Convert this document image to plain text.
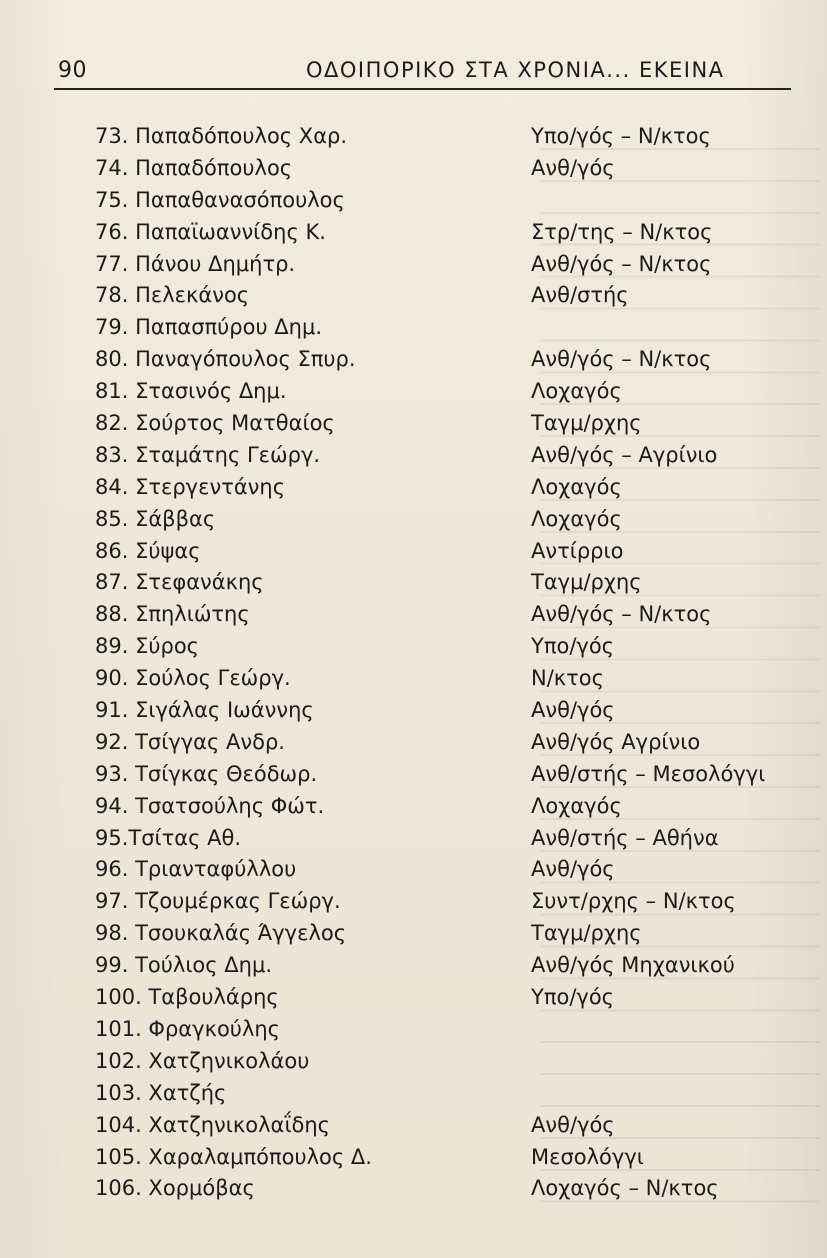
90	ΟΔΟΙΠΟΡΙΚΟ ΣΤΑ ΧΡΟΝΙΑ... ΕΚΕΙΝΑ
73. Παπαδόπουλος Χαρ.	Υπο/γός – Ν/κτος
74. Παπαδόπουλος	Ανθ/γός
75. Παπαθανασόπουλος
76. Παπαϊωαννίδης Κ.	Στρ/της – Ν/κτος
77. Πάνου Δημήτρ.	Ανθ/γός – Ν/κτος
78. Πελεκάνος	Ανθ/στής
79. Παπασπύρου Δημ.
80. Παναγόπουλος Σπυρ.	Ανθ/γός – Ν/κτος
81. Στασινός Δημ.	Λοχαγός
82. Σούρτος Ματθαίος	Ταγμ/ρχης
83. Σταμάτης Γεώργ.	Ανθ/γός – Αγρίνιο
84. Στεργεντάνης	Λοχαγός
85. Σάββας	Λοχαγός
86. Σύψας	Αντίρριο
87. Στεφανάκης	Ταγμ/ρχης
88. Σπηλιώτης	Ανθ/γός – Ν/κτος
89. Σύρος	Υπο/γός
90. Σούλος Γεώργ.	Ν/κτος
91. Σιγάλας Ιωάννης	Ανθ/γός
92. Τσίγγας Ανδρ.	Ανθ/γός Αγρίνιο
93. Τσίγκας Θεόδωρ.	Ανθ/στής – Μεσολόγγι
94. Τσατσούλης Φώτ.	Λοχαγός
95.Τσίτας Αθ.	Ανθ/στής – Αθήνα
96. Τριανταφύλλου	Ανθ/γός
97. Τζουμέρκας Γεώργ.	Συντ/ρχης – Ν/κτος
98. Τσουκαλάς Άγγελος	Ταγμ/ρχης
99. Τούλιος Δημ.	Ανθ/γός Μηχανικού
100. Ταβουλάρης	Υπο/γός
101. Φραγκούλης
102. Χατζηνικολάου
103. Χατζής
104. Χατζηνικολαΐδης	Ανθ/γός
105. Χαραλαμπόπουλος Δ.	Μεσολόγγι
106. Χορμόβας	Λοχαγός – Ν/κτος
